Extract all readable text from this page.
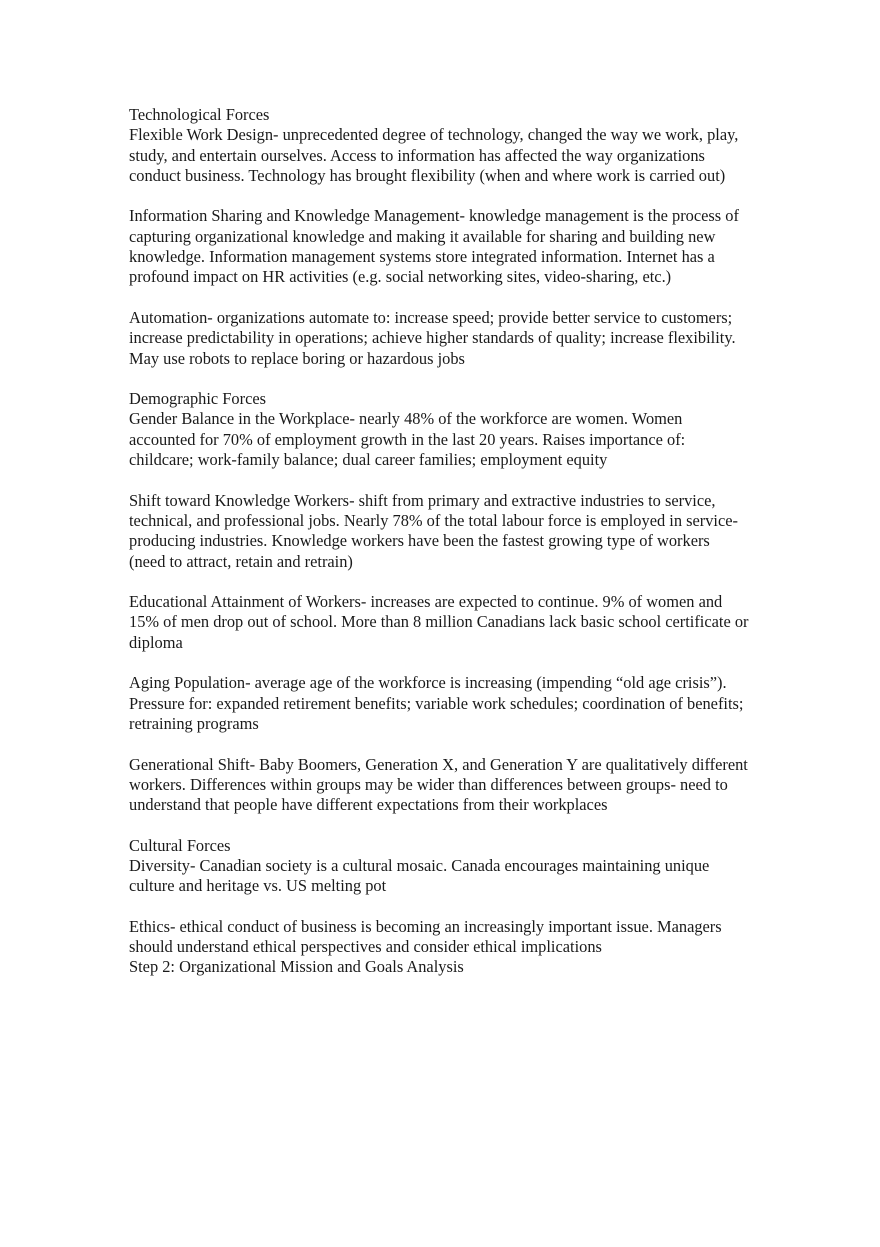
Technological Forces

Flexible Work Design- unprecedented degree of technology, changed the way we work, play, study, and entertain ourselves. Access to information has affected the way organizations conduct business. Technology has brought flexibility (when and where work is carried out)

Information Sharing and Knowledge Management- knowledge management is the process of capturing organizational knowledge and making it available for sharing and building new knowledge. Information management systems store integrated information. Internet has a profound impact on HR activities (e.g. social networking sites, video-sharing, etc.)

Automation- organizations automate to: increase speed; provide better service to customers; increase predictability in operations; achieve higher standards of quality; increase flexibility. May use robots to replace boring or hazardous jobs

Demographic Forces

Gender Balance in the Workplace- nearly 48% of the workforce are women. Women accounted for 70% of employment growth in the last 20 years. Raises importance of: childcare; work-family balance; dual career families; employment equity

Shift toward Knowledge Workers- shift from primary and extractive industries to service, technical, and professional jobs. Nearly 78% of the total labour force is employed in service-producing industries. Knowledge workers have been the fastest growing type of workers (need to attract, retain and retrain)

Educational Attainment of Workers- increases are expected to continue. 9% of women and 15% of men drop out of school. More than 8 million Canadians lack basic school certificate or diploma

Aging Population- average age of the workforce is increasing (impending “old age crisis”). Pressure for: expanded retirement benefits; variable work schedules; coordination of benefits; retraining programs

Generational Shift- Baby Boomers, Generation X, and Generation Y are qualitatively different workers. Differences within groups may be wider than differences between groups- need to understand that people have different expectations from their workplaces

Cultural Forces

Diversity- Canadian society is a cultural mosaic. Canada encourages maintaining unique culture and heritage vs. US melting pot

Ethics- ethical conduct of business is becoming an increasingly important issue. Managers should understand ethical perspectives and consider ethical implications

Step 2: Organizational Mission and Goals Analysis
